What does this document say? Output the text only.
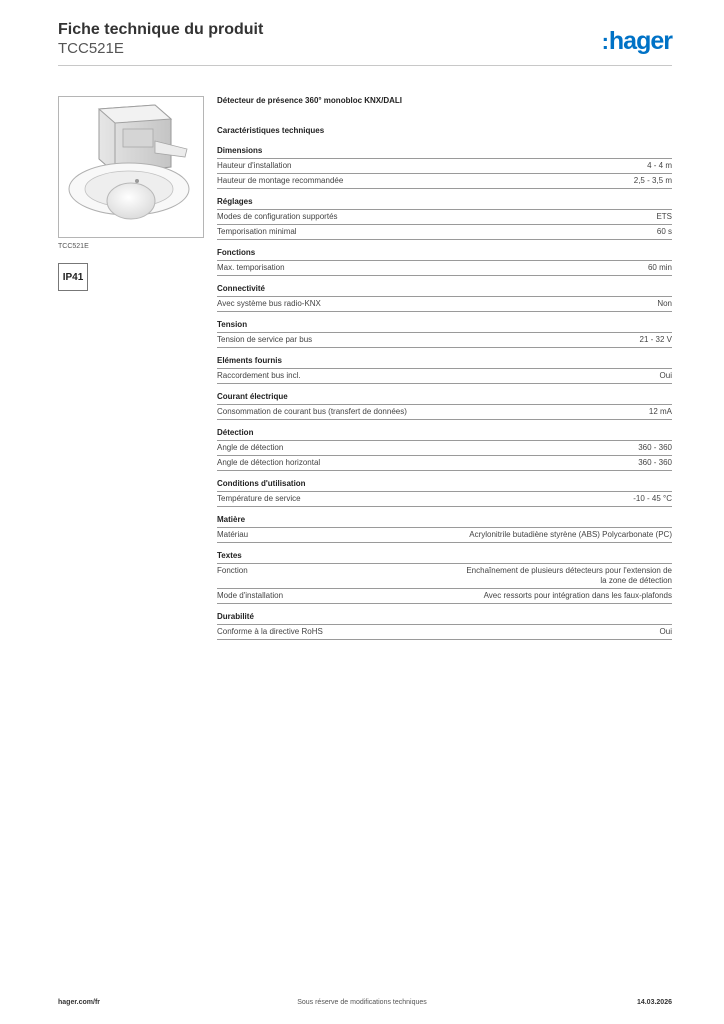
Fiche technique du produit
TCC521E	:hager
TCC521E
IP41
Détecteur de présence 360° monobloc KNX/DALI
Caractéristiques techniques
Dimensions
Hauteur d'installation	4 - 4 m
Hauteur de montage recommandée	2,5 - 3,5 m
Réglages
Modes de configuration supportés	ETS
Temporisation minimal	60 s
Fonctions
Max. temporisation	60 min
Connectivité
Avec système bus radio-KNX	Non
Tension
Tension de service par bus	21 - 32 V
Eléments fournis
Raccordement bus incl.	Oui
Courant électrique
Consommation de courant bus (transfert de données)	12 mA
Détection
Angle de détection	360 - 360
Angle de détection horizontal	360 - 360
Conditions d'utilisation
Température de service	-10 - 45 °C
Matière
Matériau	Acrylonitrile butadiène styrène (ABS) Polycarbonate (PC)
Textes
Fonction	Enchaînement de plusieurs détecteurs pour l'extension de la zone de détection
Mode d'installation	Avec ressorts pour intégration dans les faux-plafonds
Durabilité
Conforme à la directive RoHS	Oui
hager.com/fr	Sous réserve de modifications techniques	14.03.2026
